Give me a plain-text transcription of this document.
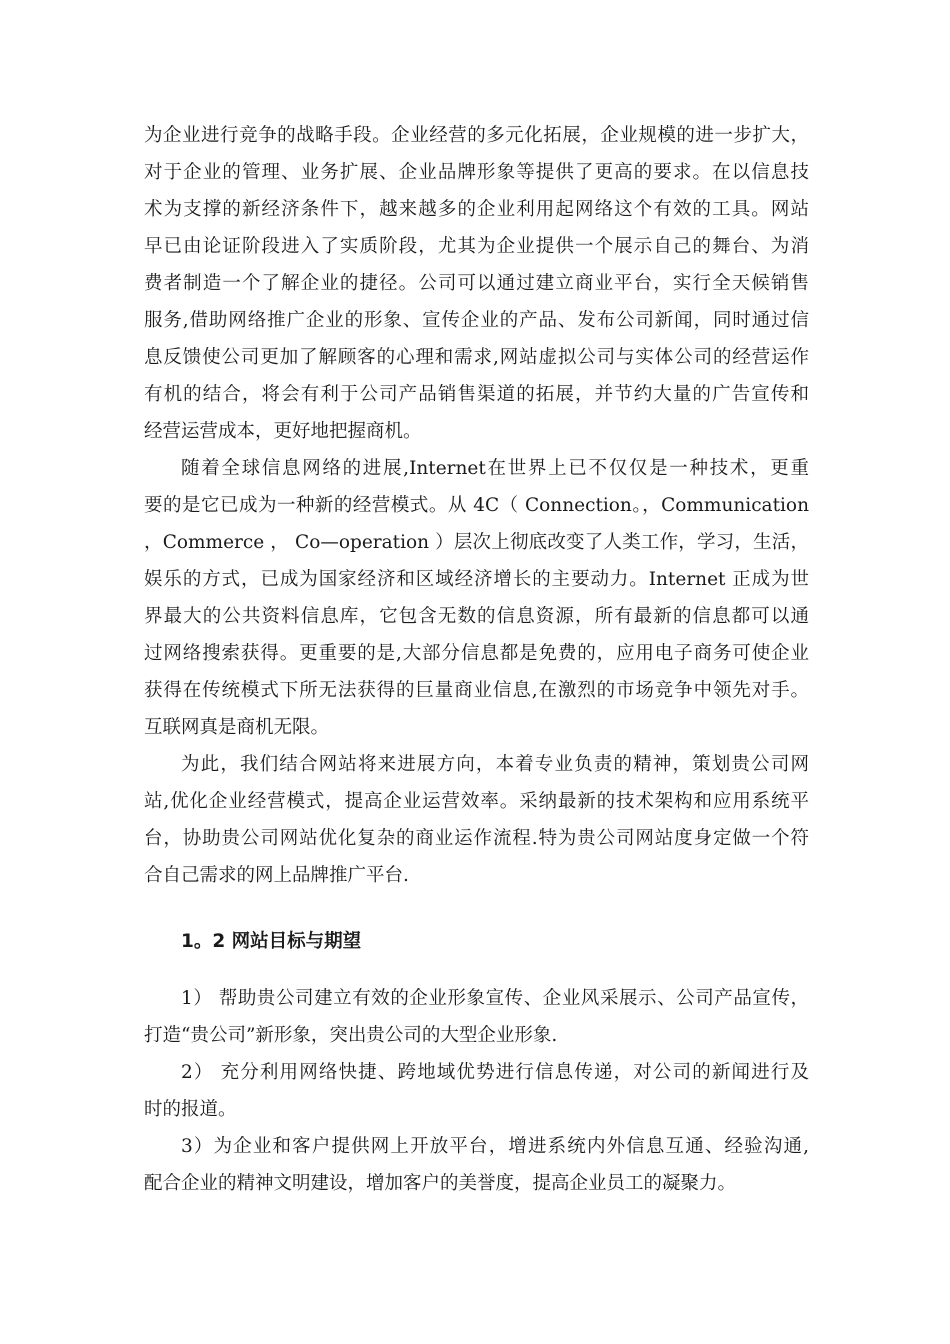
为企业进行竞争的战略手段。企业经营的多元化拓展，企业规模的进一步扩大，
对于企业的管理、业务扩展、企业品牌形象等提供了更高的要求。在以信息技
术为支撑的新经济条件下，越来越多的企业利用起网络这个有效的工具。网站
早已由论证阶段进入了实质阶段，尤其为企业提供一个展示自己的舞台、为消
费者制造一个了解企业的捷径。公司可以通过建立商业平台，实行全天候销售
服务,借助网络推广企业的形象、宣传企业的产品、发布公司新闻，同时通过信
息反馈使公司更加了解顾客的心理和需求,网站虚拟公司与实体公司的经营运作
有机的结合，将会有利于公司产品销售渠道的拓展，并节约大量的广告宣传和
经营运营成本，更好地把握商机。
随着全球信息网络的进展,Internet在世界上已不仅仅是一种技术，更重
要的是它已成为一种新的经营模式。从 4C（ Connection。，Communication
，Commerce ， Co—operation ）层次上彻底改变了人类工作，学习，生活，
娱乐的方式，已成为国家经济和区域经济增长的主要动力。Internet 正成为世
界最大的公共资料信息库，它包含无数的信息资源，所有最新的信息都可以通
过网络搜索获得。更重要的是,大部分信息都是免费的，应用电子商务可使企业
获得在传统模式下所无法获得的巨量商业信息,在激烈的市场竞争中领先对手。
互联网真是商机无限。
为此，我们结合网站将来进展方向，本着专业负责的精神，策划贵公司网
站,优化企业经营模式，提高企业运营效率。采纳最新的技术架构和应用系统平
台，协助贵公司网站优化复杂的商业运作流程.特为贵公司网站度身定做一个符
合自己需求的网上品牌推广平台.
1。2 网站目标与期望
1） 帮助贵公司建立有效的企业形象宣传、企业风采展示、公司产品宣传，
打造“贵公司”新形象，突出贵公司的大型企业形象.
2） 充分利用网络快捷、跨地域优势进行信息传递，对公司的新闻进行及
时的报道。
3）为企业和客户提供网上开放平台，增进系统内外信息互通、经验沟通,
配合企业的精神文明建设，增加客户的美誉度，提高企业员工的凝聚力。
